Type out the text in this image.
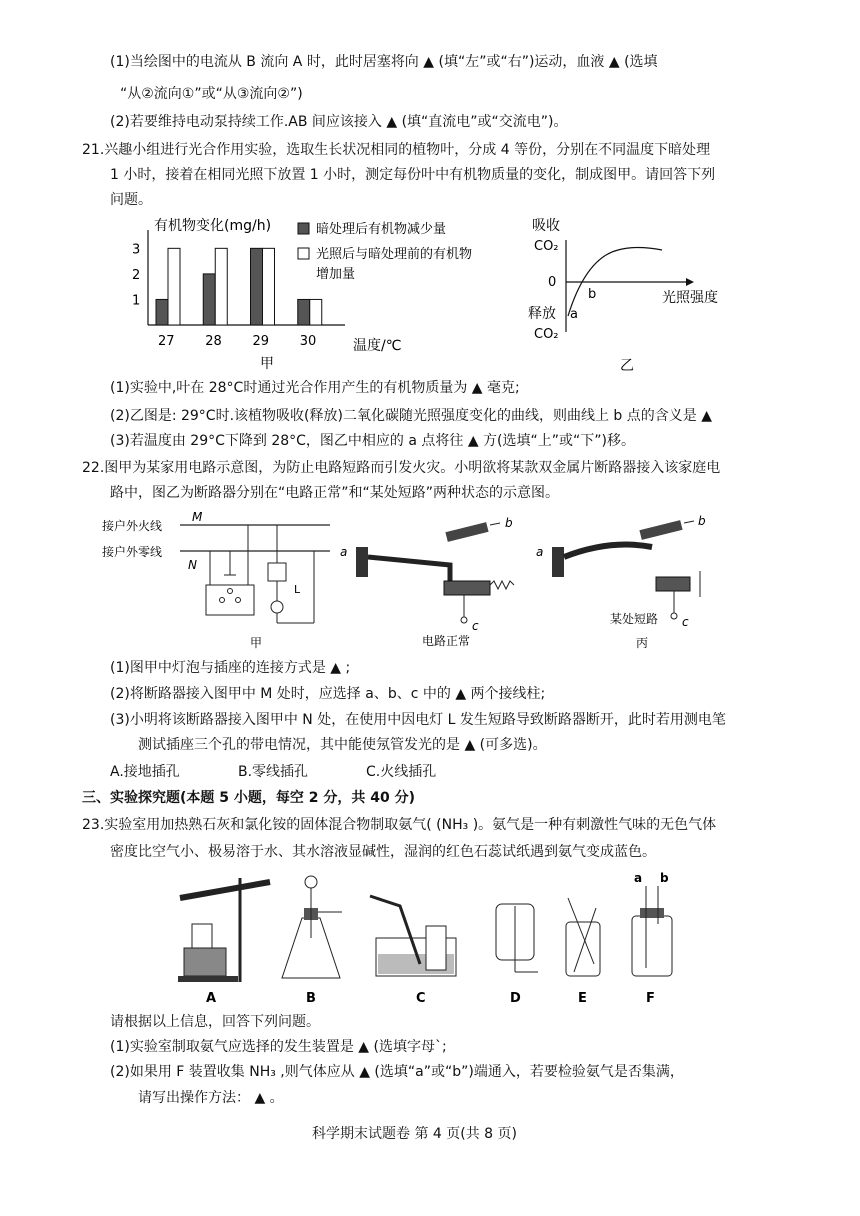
(1)当绘图中的电流从 B 流向 A 时，此时居塞将向 ▲ (填“左”或“右”)运动，血液 ▲ (选填
“从②流向①”或“从③流向②”)
(2)若要维持电动泵持续工作.AB 间应该接入 ▲ (填“直流电”或“交流电”)。
21.兴趣小组进行光合作用实验，选取生长状况相同的植物叶，分成 4 等份，分别在不同温度下暗处理
1 小时，接着在相同光照下放置 1 小时，测定每份叶中有机物质量的变化，制成图甲。请回答下列
问题。
有机物变化(mg/h)
1
2
3
27 28 29 30	温度/℃
暗处理后有机物减少量
光照后与暗处理前的有机物
增加量
甲
吸收
CO₂
0
b
a
光照强度
释放
CO₂
乙
(1)实验中,叶在 28°C时通过光合作用产生的有机物质量为 ▲ 毫克;
(2)乙图是: 29°C时.该植物吸收(释放)二氧化碳随光照强度变化的曲线，则曲线上 b 点的含义是 ▲
(3)若温度由 29°C下降到 28°C，图乙中相应的 a 点将往 ▲ 方(选填“上”或“下”)移。
22.图甲为某家用电路示意图，为防止电路短路而引发火灾。小明欲将某款双金属片断路器接入该家庭电
路中，图乙为断路器分别在“电路正常”和“某处短路”两种状态的示意图。
接户外火线
接户外零线
M
N
L
甲
a
c
b
电路正常
a
c
b
某处短路
丙
(1)图甲中灯泡与插座的连接方式是 ▲ ;
(2)将断路器接入图甲中 M 处时，应选择 a、b、c 中的 ▲ 两个接线柱;
(3)小明将该断路器接入图甲中 N 处，在使用中因电灯 L 发生短路导致断路器断开，此时若用测电笔
测试插座三个孔的带电情况，其中能使氖管发光的是 ▲ (可多选)。
A.接地插孔	B.零线插孔	C.火线插孔
三、实验探究题(本题 5 小题，每空 2 分，共 40 分)
23.实验室用加热熟石灰和氯化铵的固体混合物制取氨气( (NH₃ )。氨气是一种有刺激性气味的无色气体
密度比空气小、极易溶于水、其水溶液显碱性，湿润的红色石蕊试纸遇到氨气变成蓝色。
A	B	C	D	E
a b
F
请根据以上信息，回答下列问题。
(1)实验室制取氨气应选择的发生装置是 ▲ (选填字母`;
(2)如果用 F 装置收集 NH₃ ,则气体应从 ▲ (选填“a”或“b”)端通入，若要检验氨气是否集满，
请写出操作方法： ▲ 。
科学期末试题卷 第 4 页(共 8 页)
